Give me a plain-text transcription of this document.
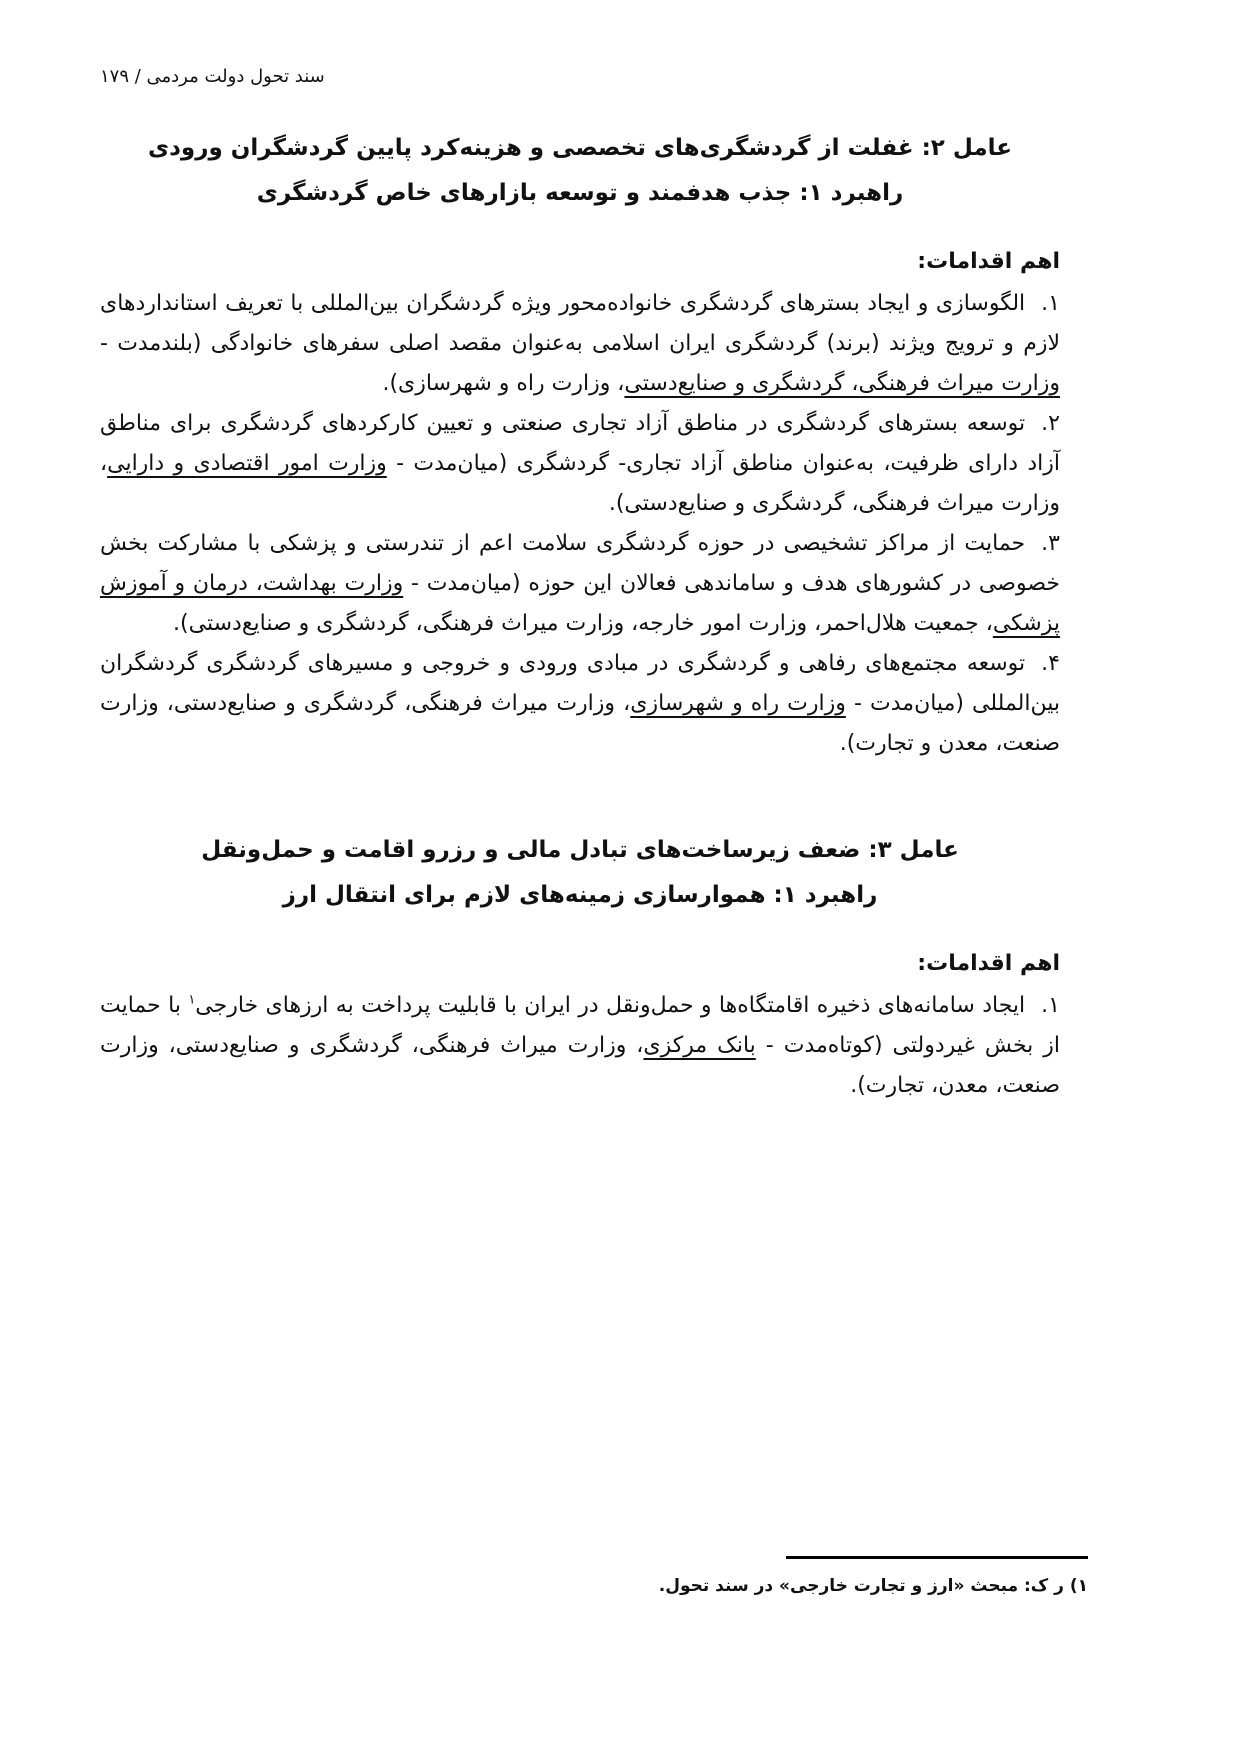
سند تحول دولت مردمی / ۱۷۹
عامل ۲: غفلت از گردشگری‌های تخصصی و هزینه‌کرد پایین گردشگران ورودی
راهبرد ۱: جذب هدفمند و توسعه بازارهای خاص گردشگری

اهم اقدامات:

۱.الگوسازی و ایجاد بسترهای گردشگری خانواده‌محور ویژه گردشگران بین‌المللی با تعریف استانداردهای لازم و ترویج ویژند (برند) گردشگری ایران اسلامی به‌عنوان مقصد اصلی سفرهای خانوادگی (بلندمدت - وزارت میراث فرهنگی، گردشگری و صنایع‌دستی، وزارت راه و شهرسازی).

۲.توسعه بسترهای گردشگری در مناطق آزاد تجاری صنعتی و تعیین کارکردهای گردشگری برای مناطق آزاد دارای ظرفیت، به‌عنوان مناطق آزاد تجاری- گردشگری (میان‌مدت - وزارت امور اقتصادی و دارایی، وزارت میراث فرهنگی، گردشگری و صنایع‌دستی).

۳.حمایت از مراکز تشخیصی در حوزه گردشگری سلامت اعم از تندرستی و پزشکی با مشارکت بخش خصوصی در کشورهای هدف و ساماندهی فعالان این حوزه (میان‌مدت - وزارت بهداشت، درمان و آموزش پزشکی، جمعیت هلال‌احمر، وزارت امور خارجه، وزارت میراث فرهنگی، گردشگری و صنایع‌دستی).

۴.توسعه مجتمع‌های رفاهی و گردشگری در مبادی ورودی و خروجی و مسیرهای گردشگری گردشگران بین‌المللی (میان‌مدت - وزارت راه و شهرسازی، وزارت میراث فرهنگی، گردشگری و صنایع‌دستی، وزارت صنعت، معدن و تجارت).

عامل ۳: ضعف زیرساخت‌های تبادل مالی و رزرو اقامت و حمل‌ونقل
راهبرد ۱: هموارسازی زمینه‌های لازم برای انتقال ارز

اهم اقدامات:

۱.ایجاد سامانه‌های ذخیره اقامتگاه‌ها و حمل‌ونقل در ایران با قابلیت پرداخت به ارزهای خارجی$^۱$ با حمایت از بخش غیردولتی (کوتاه‌مدت - بانک مرکزی، وزارت میراث فرهنگی، گردشگری و صنایع‌دستی، وزارت صنعت، معدن، تجارت).

۱) ر ک: مبحث «ارز و تجارت خارجی» در سند تحول.
